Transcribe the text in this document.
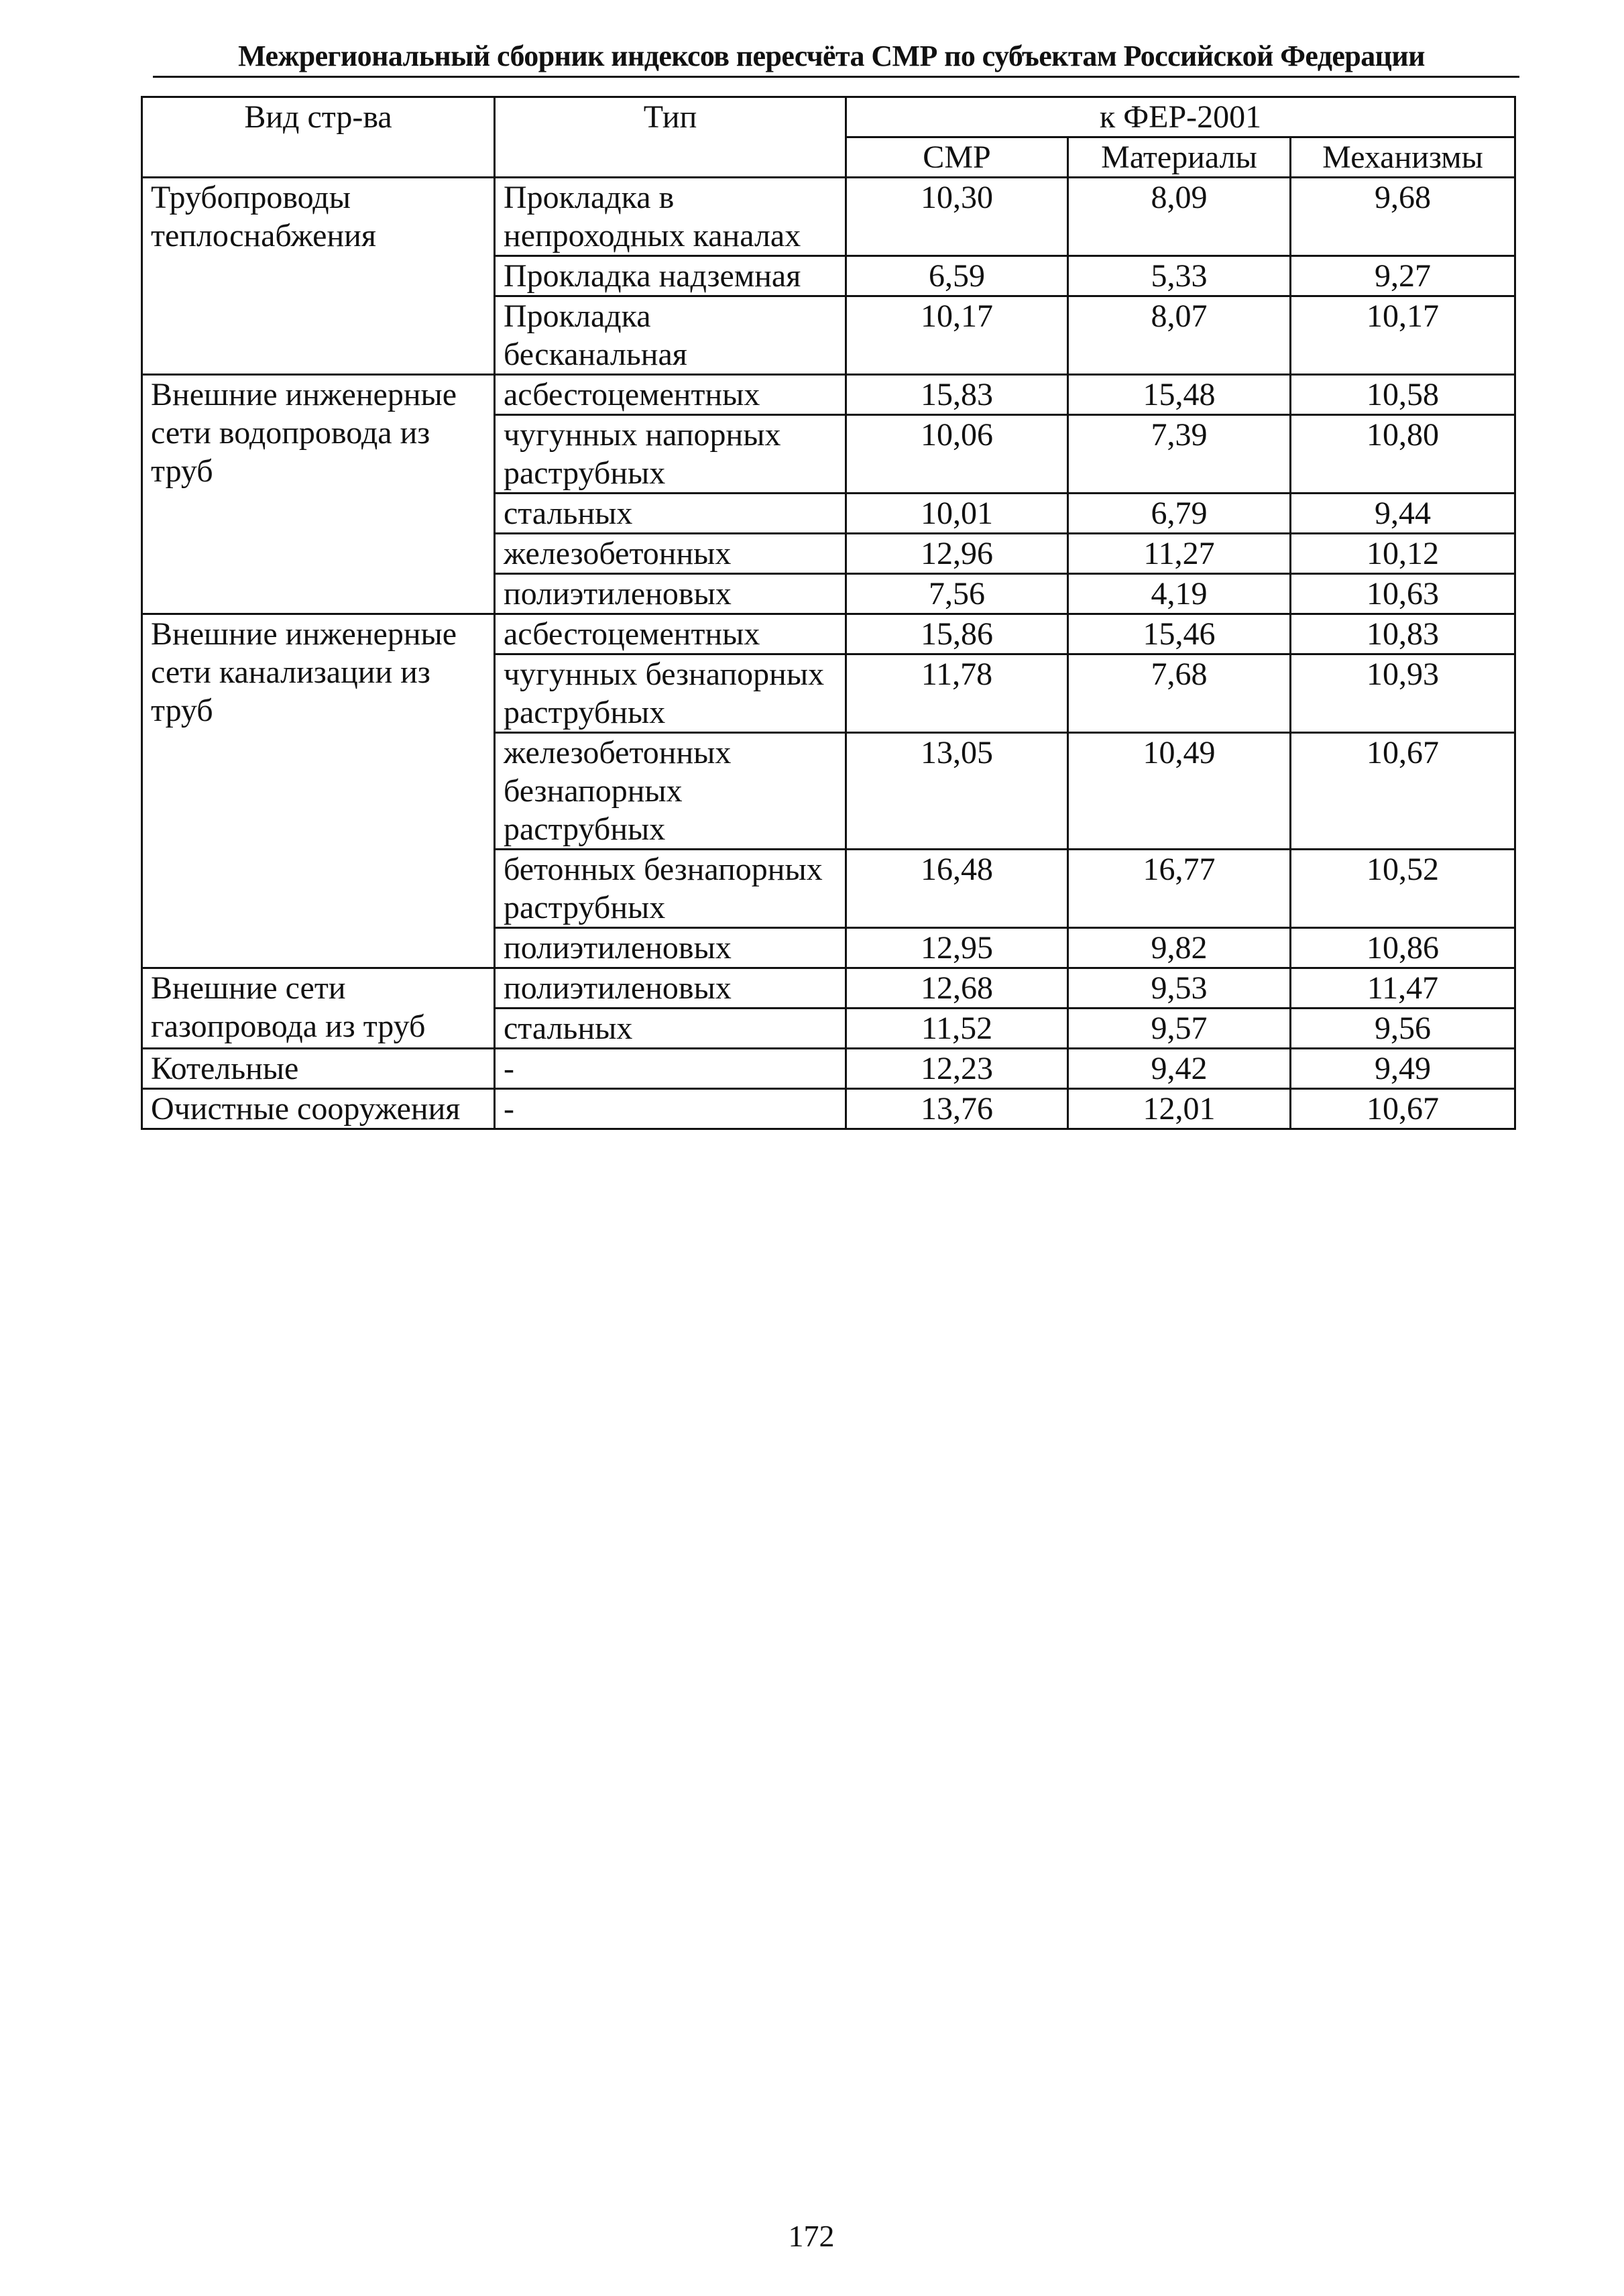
Межрегиональный сборник индексов пересчёта СМР по субъектам Российской Федерации
Вид стр-ва	Тип	к ФЕР-2001		
		СМР	Материалы	Механизмы
Трубопроводы теплоснабжения	Прокладка в непроходных каналах	10,30	8,09	9,68
	Прокладка надземная	6,59	5,33	9,27
	Прокладка бесканальная	10,17	8,07	10,17
Внешние инженерные сети водопровода из труб	асбестоцементных	15,83	15,48	10,58
	чугунных напорных раструбных	10,06	7,39	10,80
	стальных	10,01	6,79	9,44
	железобетонных	12,96	11,27	10,12
	полиэтиленовых	7,56	4,19	10,63
Внешние инженерные сети канализации из труб	асбестоцементных	15,86	15,46	10,83
	чугунных безнапорных раструбных	11,78	7,68	10,93
	железобетонных безнапорных раструбных	13,05	10,49	10,67
	бетонных безнапорных раструбных	16,48	16,77	10,52
	полиэтиленовых	12,95	9,82	10,86
Внешние сети газопровода из труб	полиэтиленовых	12,68	9,53	11,47
	стальных	11,52	9,57	9,56
Котельные	-	12,23	9,42	9,49
Очистные сооружения	-	13,76	12,01	10,67
172
